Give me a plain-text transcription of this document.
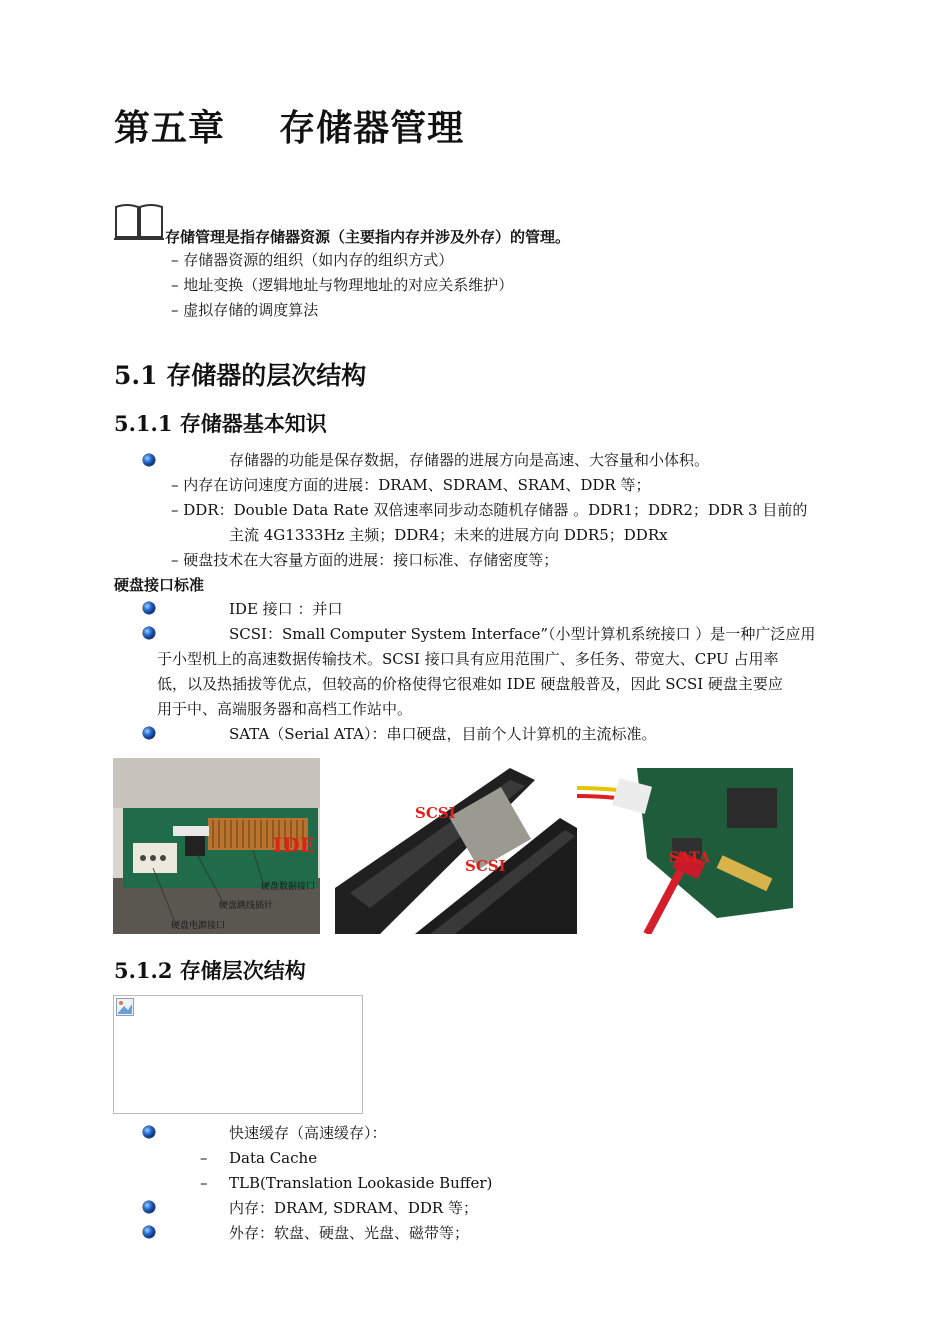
第五章    存储器管理
存储管理是指存储器资源（主要指内存并涉及外存）的管理。
– 存储器资源的组织（如内存的组织方式）
– 地址变换（逻辑地址与物理地址的对应关系维护）
– 虚拟存储的调度算法
5.1 存储器的层次结构
5.1.1 存储器基本知识
存储器的功能是保存数据，存储器的进展方向是高速、大容量和小体积。
– 内存在访问速度方面的进展：DRAM、SDRAM、SRAM、DDR 等；
– DDR：Double Data Rate 双倍速率同步动态随机存储器 。DDR1；DDR2；DDR 3 目前的
主流 4G1333Hz 主频；DDR4；未来的进展方向 DDR5；DDRx
– 硬盘技术在大容量方面的进展：接口标准、存储密度等；
硬盘接口标准
IDE 接口 ：并口
SCSI：Small Computer System Interface”（小型计算机系统接口 ）是一种广泛应用
于小型机上的高速数据传输技术。SCSI 接口具有应用范围广、多任务、带宽大、CPU 占用率
低，以及热插拔等优点，但较高的价格使得它很难如 IDE 硬盘般普及，因此 SCSI 硬盘主要应
用于中、高端服务器和高档工作站中。
SATA（Serial ATA）：串口硬盘，目前个人计算机的主流标准。
IDE
硬盘数据接口
硬盘跳线插针
硬盘电源接口
SCSI
SCSI	SATA
5.1.2 存储层次结构
快速缓存（高速缓存）：
– Data Cache
– TLB(Translation Lookaside Buffer)
内存：DRAM, SDRAM、DDR 等；
外存：软盘、硬盘、光盘、磁带等；
